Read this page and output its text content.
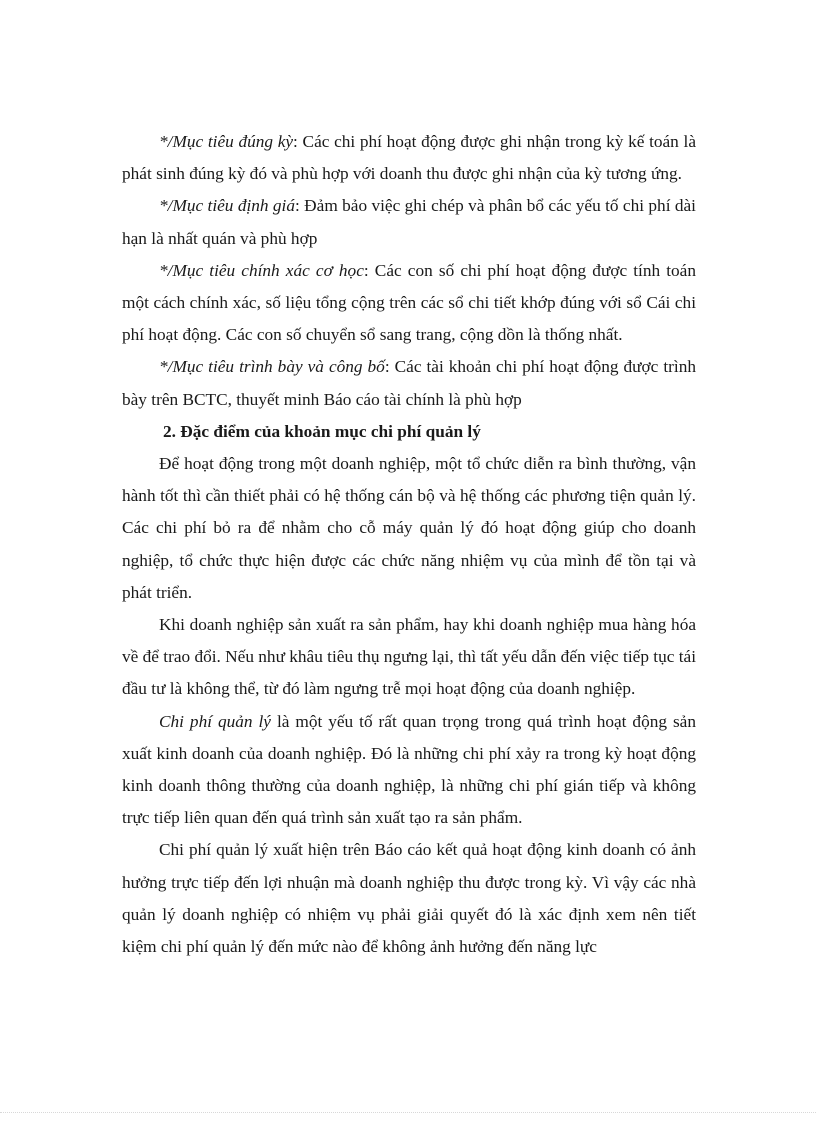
*/Mục tiêu đúng kỳ: Các chi phí hoạt động được ghi nhận trong kỳ kế toán là phát sinh đúng kỳ đó và phù hợp với doanh thu được ghi nhận của kỳ tương ứng.

*/Mục tiêu định giá: Đảm bảo việc ghi chép và phân bổ các yếu tố chi phí dài hạn là nhất quán và phù hợp

*/Mục tiêu chính xác cơ học: Các con số chi phí hoạt động được tính toán một cách chính xác, số liệu tổng cộng trên các sổ chi tiết khớp đúng với sổ Cái chi phí hoạt động. Các con số chuyển sổ sang trang, cộng dồn là thống nhất.

*/Mục tiêu trình bày và công bố: Các tài khoản chi phí hoạt động được trình bày trên BCTC, thuyết minh Báo cáo tài chính là phù hợp

2. Đặc điểm của khoản mục chi phí quản lý

Để hoạt động trong một doanh nghiệp, một tổ chức diễn ra bình thường, vận hành tốt thì cần thiết phải có hệ thống cán bộ và hệ thống các phương tiện quản lý. Các chi phí bỏ ra để nhằm cho cỗ máy quản lý đó hoạt động giúp cho doanh nghiệp, tổ chức thực hiện được các chức năng nhiệm vụ của mình để tồn tại và phát triển.

Khi doanh nghiệp sản xuất ra sản phẩm, hay khi doanh nghiệp mua hàng hóa về để trao đổi. Nếu như khâu tiêu thụ ngưng lại, thì tất yếu dẫn đến việc tiếp tục tái đầu tư là không thể, từ đó làm ngưng trễ mọi hoạt động của doanh nghiệp.

Chi phí quản lý là một yếu tố rất quan trọng trong quá trình hoạt động sản xuất kinh doanh của doanh nghiệp. Đó là những chi phí xảy ra trong kỳ hoạt động kinh doanh thông thường của doanh nghiệp, là những chi phí gián tiếp và không trực tiếp liên quan đến quá trình sản xuất tạo ra sản phẩm.

Chi phí quản lý xuất hiện trên Báo cáo kết quả hoạt động kinh doanh có ảnh hưởng trực tiếp đến lợi nhuận mà doanh nghiệp thu được trong kỳ. Vì vậy các nhà quản lý doanh nghiệp có nhiệm vụ phải giải quyết đó là xác định xem nên tiết kiệm chi phí quản lý đến mức nào để không ảnh hưởng đến năng lực
